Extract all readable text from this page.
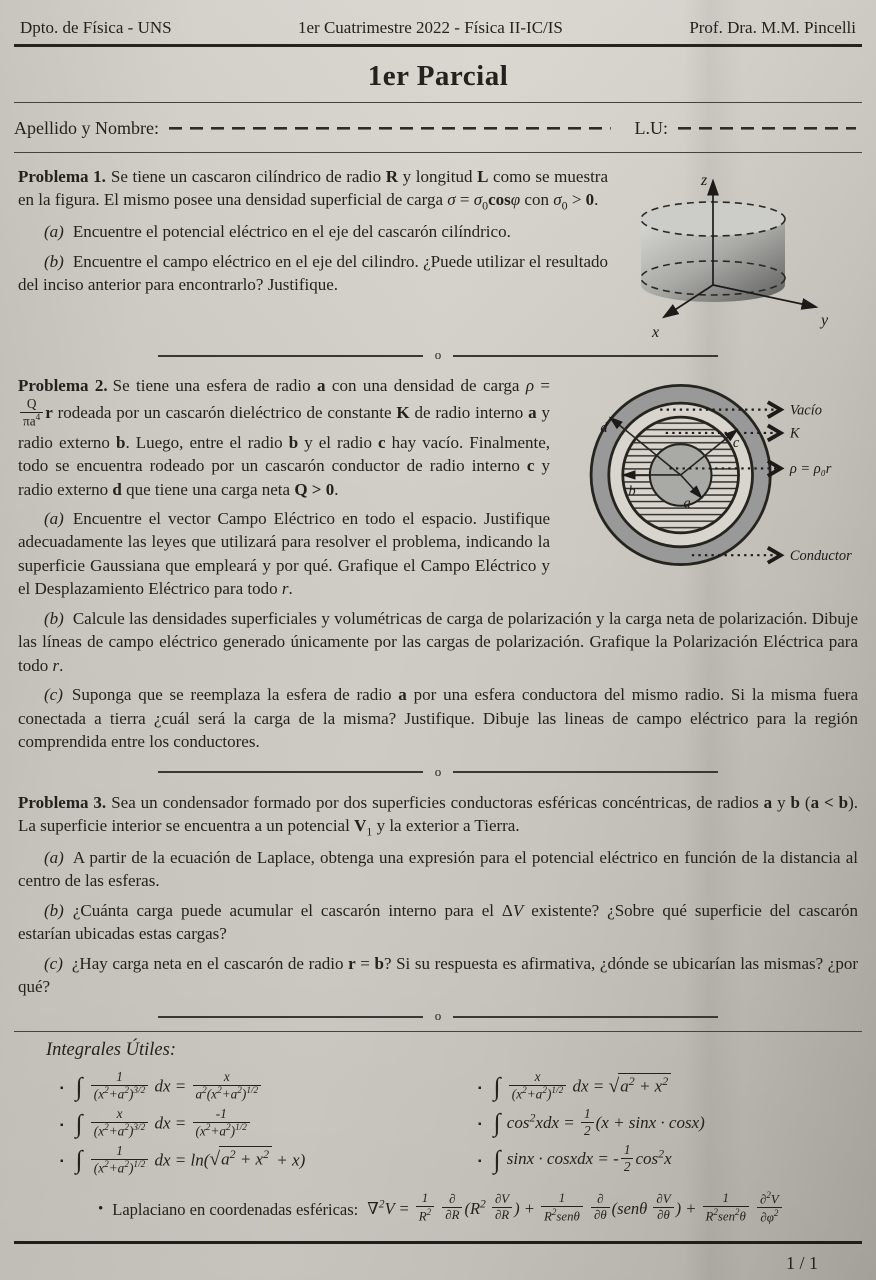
Dpto. de Física - UNS	1er Cuatrimestre 2022 - Física II-IC/IS	Prof. Dra. M.M. Pincelli
1er Parcial
Apellido y Nombre:	L.U:
z
y
x

Problema 1. Se tiene un cascaron cilíndrico de radio R y longitud L como se muestra en la figura. El mismo posee una densidad superficial de carga $\sigma = \sigma_0\cos\varphi$ con $\sigma_0 > 0$.

(a) Encuentre el potencial eléctrico en el eje del cascarón cilíndrico.

(b) Encuentre el campo eléctrico en el eje del cilindro. ¿Puede utilizar el resultado del inciso anterior para encontrarlo? Justifique.

o
d
c
b
a
Vacío
K
ρ = ρ₀r
Conductor

Problema 2. Se tiene una esfera de radio a con una densidad de carga ρ =
$\frac{Q}{\pi a^4}$ r rodeada por un cascarón dieléctrico de constante K de radio interno a y radio externo b. Luego, entre el radio b y el radio c hay vacío. Finalmente, todo se encuentra rodeado por un cascarón conductor de radio interno c y radio externo d que tiene una carga neta Q > 0.

(a) Encuentre el vector Campo Eléctrico en todo el espacio. Justifique adecuadamente las leyes que utilizará para resolver el problema, indicando la superficie Gaussiana que empleará y por qué. Grafique el Campo Eléctrico y el Desplazamiento Eléctrico para todo r.

(b) Calcule las densidades superficiales y volumétricas de carga de polarización y la carga neta de polarización. Dibuje las líneas de campo eléctrico generado únicamente por las cargas de polarización. Grafique la Polarización Eléctrica para todo r.

(c) Suponga que se reemplaza la esfera de radio a por una esfera conductora del mismo radio. Si la misma fuera conectada a tierra ¿cuál será la carga de la misma? Justifique. Dibuje las lineas de campo eléctrico para la región comprendida entre los conductores.

o

Problema 3. Sea un condensador formado por dos superficies conductoras esféricas concéntricas, de radios a y b (a < b). La superficie interior se encuentra a un potencial $V_1$ y la exterior a Tierra.

(a) A partir de la ecuación de Laplace, obtenga una expresión para el potencial eléctrico en función de la distancia al centro de las esferas.

(b) ¿Cuánta carga puede acumular el cascarón interno para el ΔV existente? ¿Sobre qué superficie del cascarón estarían ubicadas estas cargas?

(c) ¿Hay carga neta en el cascarón de radio r = b? Si su respuesta es afirmativa, ¿dónde se ubicarían las mismas? ¿por qué?

o
Integrales Útiles:
▪ ∫ $\frac{1}{(x^2+a^2)^{3/2}}$ dx = $\frac{x}{a^2(x^2+a^2)^{1/2}}$
▪ ∫ $\frac{x}{(x^2+a^2)^{3/2}}$ dx = $\frac{-1}{(x^2+a^2)^{1/2}}$
▪ ∫ $\frac{1}{(x^2+a^2)^{1/2}}$ dx = ln( √ $a^2 + x^2 + x$)
▪ ∫ $\frac{x}{(x^2+a^2)^{1/2}}$ dx = √ $a^2 + x^2$
▪ ∫ $\cos^2xdx = \frac{1}{2} (x + \sin x \cdot \cos x)$
▪ ∫ sinx · cosxdx = - $\frac{1}{2} \cos^2x$
• Laplaciano en coordenadas esféricas: $\nabla^2V = \frac{1}{R^2}$
$\frac{\partial}{\partial R} (R^2 \frac{\partial V}{\partial R}$ ) + $\frac{1}{R^2sen\theta}$
$\frac{\partial}{\partial\theta} (sen\theta \frac{\partial V}{\partial\theta}$ ) + $\frac{1}{R^2sen^2\theta}$
$\frac{\partial^2V}{\partial\varphi^2}$
1 / 1
